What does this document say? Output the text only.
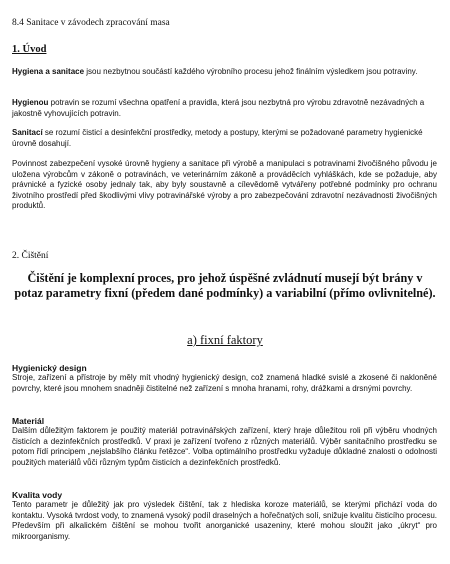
8.4 Sanitace v závodech zpracování masa
1. Úvod
Hygiena a sanitace jsou nezbytnou součástí každého výrobního procesu jehož finálním výsledkem jsou potraviny.
Hygienou potravin se rozumí všechna opatření a pravidla, která jsou nezbytná pro výrobu zdravotně nezávadných a jakostně vyhovujících potravin.
Sanitací se rozumí čisticí a desinfekční prostředky, metody a postupy, kterými se požadované parametry hygienické úrovně dosahují.
Povinnost zabezpečení vysoké úrovně hygieny a sanitace při výrobě a manipulaci s potravinami živočišného původu je uložena výrobcům v zákoně o potravinách, ve veterinárním zákoně a prováděcích vyhláškách, kde se požaduje, aby právnické a fyzické osoby jednaly tak, aby byly soustavně a cílevědomě vytvářeny potřebné podmínky pro ochranu životního prostředí před škodlivými vlivy potravinářské výroby a pro zabezpečování zdravotní nezávadnosti živočišných produktů.
2. Čištění
Čištění je komplexní proces, pro jehož úspěšné zvládnutí musejí být brány v potaz parametry fixní (předem dané podmínky) a variabilní (přímo ovlivnitelné).
a) fixní faktory
Hygienický design
Stroje, zařízení a přístroje by měly mít vhodný hygienický design, což znamená hladké svislé a zkosené či nakloněné povrchy, které jsou mnohem snadněji čistitelné než zařízení s mnoha hranami, rohy, drážkami a drsnými povrchy.
Materiál
Dalším důležitým faktorem je použitý materiál potravinářských zařízení, který hraje důležitou roli při výběru vhodných čisticích a dezinfekčních prostředků. V praxi je zařízení tvořeno z různých materiálů. Výběr sanitačního prostředku se potom řídí principem „nejslabšího článku řetězce“. Volba optimálního prostředku vyžaduje důkladné znalosti o odolnosti použitých materiálů vůči různým typům čisticích a dezinfekčních prostředků.
Kvalita vody
Tento parametr je důležitý jak pro výsledek čištění, tak z hlediska koroze materiálů, se kterými přichází voda do kontaktu. Vysoká tvrdost vody, to znamená vysoký podíl draselných a hořečnatých solí, snižuje kvalitu čisticího procesu. Především při alkalickém čištění se mohou tvořit anorganické usazeniny, které mohou sloužit jako „úkryt“ pro mikroorganismy.
